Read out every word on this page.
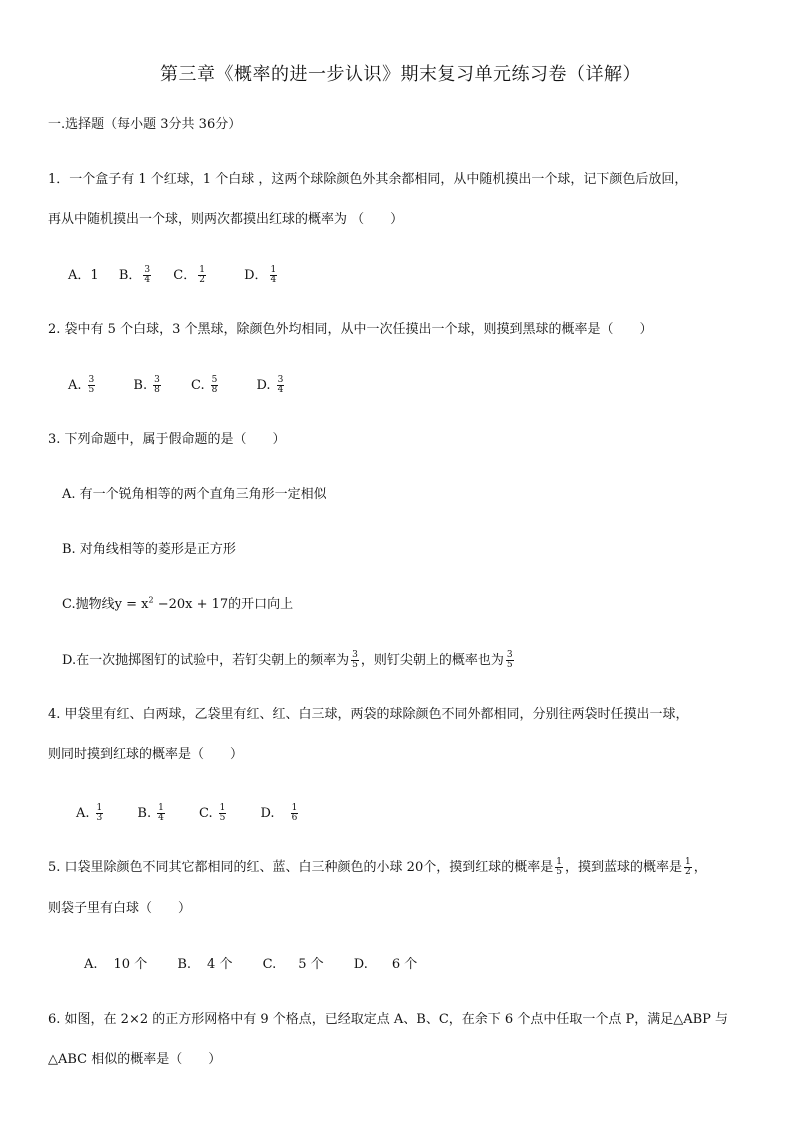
第三章《概率的进一步认识》期末复习单元练习卷（详解）
一.选择题（每小题 3分共 36分）
1．一个盒子有 1 个红球，1 个白球 ，这两个球除颜色外其余都相同，从中随机摸出一个球，记下颜色后放回，
再从中随机摸出一个球，则两次都摸出红球的概率为 （　　）
A．1 B． $\frac{3}{4}$ C． $\frac{1}{2}$	D． $\frac{1}{4}$
2. 袋中有 5 个白球，3 个黑球，除颜色外均相同，从中一次任摸出一个球，则摸到黑球的概率是（　　）
A. $\frac{3}{5}$	B. $\frac{3}{8} C$. $\frac{5}{8}$	D. $\frac{3}{4}$
3. 下列命题中，属于假命题的是（　　）
A. 有一个锐角相等的两个直角三角形一定相似
B. 对角线相等的菱形是正方形
C.抛物线$y = x^2 -20x + 17$的开口向上
D.在一次抛掷图钉的试验中，若钉尖朝上的频率为 $\frac{3}{5}$ ，则钉尖朝上的概率也为 $\frac{3}{5}$
4. 甲袋里有红、白两球，乙袋里有红、红、白三球，两袋的球除颜色不同外都相同，分别往两袋时任摸出一球，
则同时摸到红球的概率是（　　）
A. $\frac{1}{3}$	B. $\frac{1}{4}$	C. $\frac{1}{5}$	D. $\frac{1}{6}$
5. 口袋里除颜色不同其它都相同的红、蓝、白三种颜色的小球 20个，摸到红球的概率是 $\frac{1}{5}$ ，摸到蓝球的概率是 $\frac{1}{2}$ ，
则袋子里有白球（　　）
A. 10 个 B. 4 个 C. 5 个 D. 6 个
6. 如图，在 2×2 的正方形网格中有 9 个格点，已经取定点 A、B、C，在余下 6 个点中任取一个点 P，满足△ABP 与
△ABC 相似的概率是（　　）
